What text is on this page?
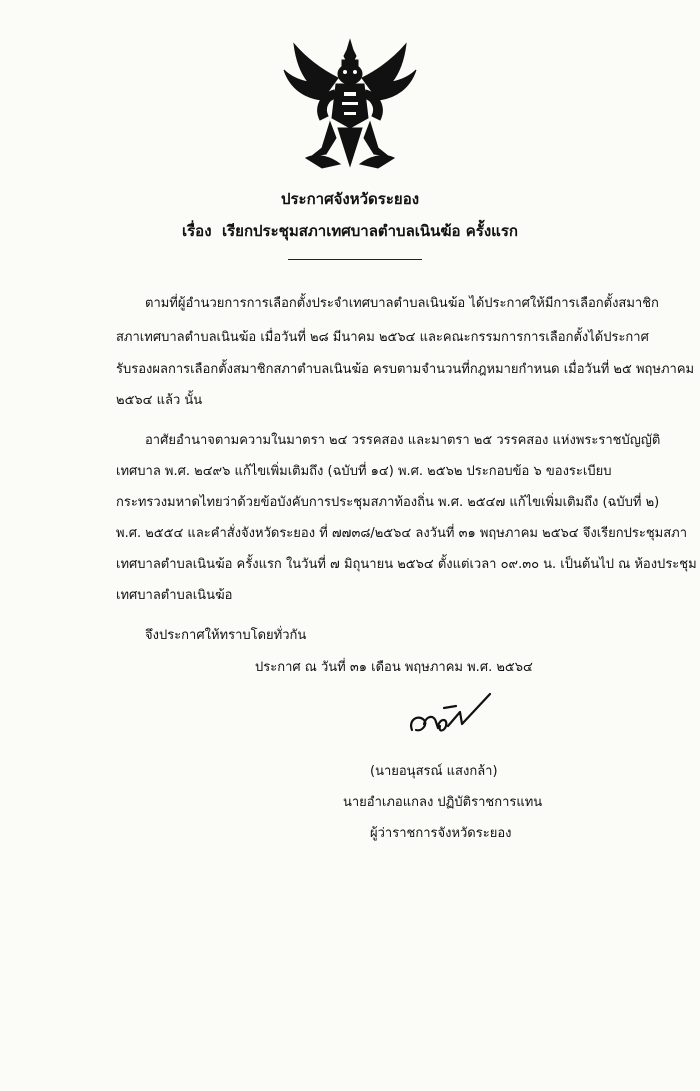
ประกาศจังหวัดระยอง
เรื่อง เรียกประชุมสภาเทศบาลตำบลเนินฆ้อ ครั้งแรก
ตามที่ผู้อำนวยการการเลือกตั้งประจำเทศบาลตำบลเนินฆ้อ ได้ประกาศให้มีการเลือกตั้งสมาชิก
สภาเทศบาลตำบลเนินฆ้อ เมื่อวันที่ ๒๘ มีนาคม ๒๕๖๔ และคณะกรรมการการเลือกตั้งได้ประกาศ
รับรองผลการเลือกตั้งสมาชิกสภาตำบลเนินฆ้อ ครบตามจำนวนที่กฎหมายกำหนด เมื่อวันที่ ๒๕ พฤษภาคม
๒๕๖๔ แล้ว นั้น
อาศัยอำนาจตามความในมาตรา ๒๔ วรรคสอง และมาตรา ๒๕ วรรคสอง แห่งพระราชบัญญัติ
เทศบาล พ.ศ. ๒๔๙๖ แก้ไขเพิ่มเติมถึง (ฉบับที่ ๑๔) พ.ศ. ๒๕๖๒ ประกอบข้อ ๖ ของระเบียบ
กระทรวงมหาดไทยว่าด้วยข้อบังคับการประชุมสภาท้องถิ่น พ.ศ. ๒๕๔๗ แก้ไขเพิ่มเติมถึง (ฉบับที่ ๒)
พ.ศ. ๒๕๕๔ และคำสั่งจังหวัดระยอง ที่ ๗๗๓๘/๒๕๖๔ ลงวันที่ ๓๑ พฤษภาคม ๒๕๖๔ จึงเรียกประชุมสภา
เทศบาลตำบลเนินฆ้อ ครั้งแรก ในวันที่ ๗ มิถุนายน ๒๕๖๔ ตั้งแต่เวลา ๐๙.๓๐ น. เป็นต้นไป ณ ห้องประชุม
เทศบาลตำบลเนินฆ้อ
จึงประกาศให้ทราบโดยทั่วกัน
ประกาศ ณ วันที่ ๓๑ เดือน พฤษภาคม พ.ศ. ๒๕๖๔
(นายอนุสรณ์ แสงกล้า)
นายอำเภอแกลง ปฏิบัติราชการแทน
ผู้ว่าราชการจังหวัดระยอง
